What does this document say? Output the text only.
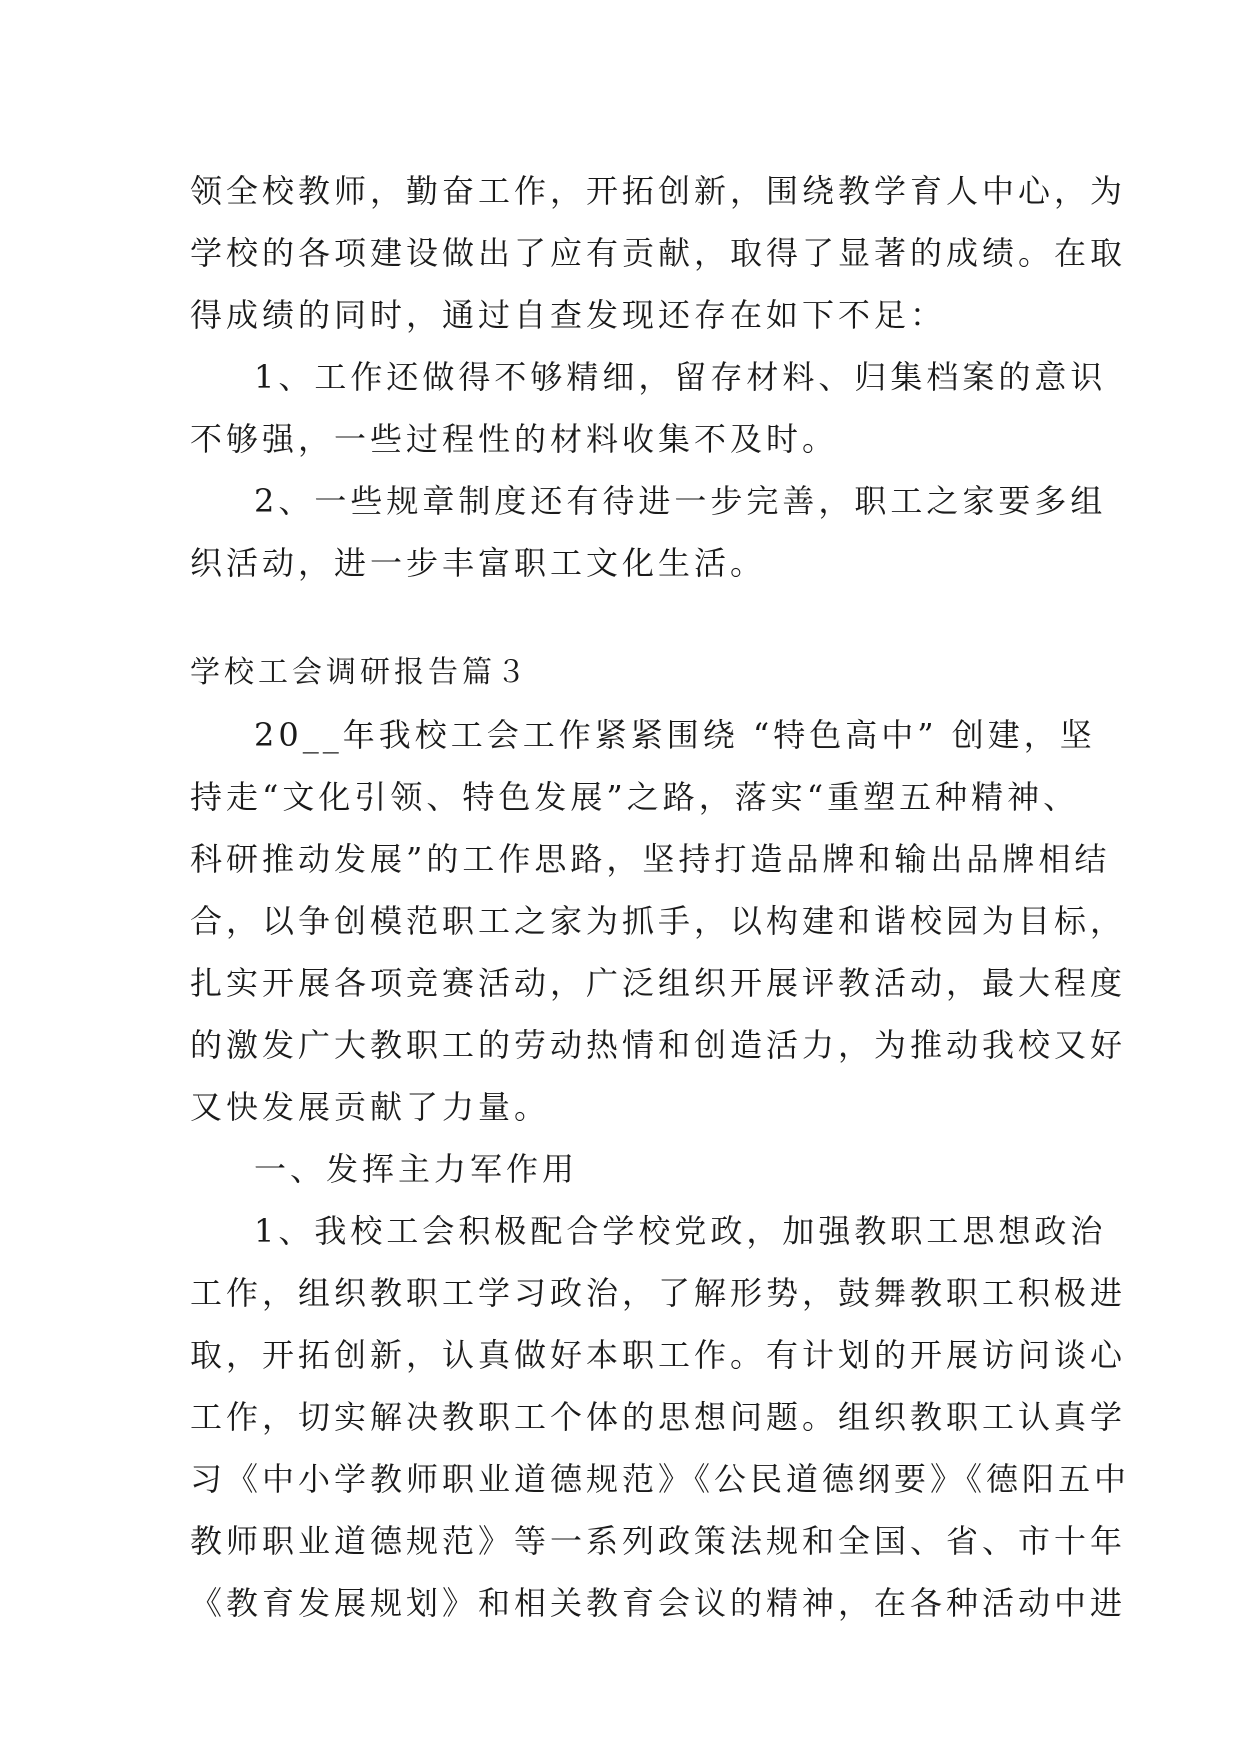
领全校教师，勤奋工作，开拓创新，围绕教学育人中心，为
学校的各项建设做出了应有贡献，取得了显著的成绩。在取
得成绩的同时，通过自查发现还存在如下不足：
1、工作还做得不够精细，留存材料、归集档案的意识
不够强，一些过程性的材料收集不及时。
2、一些规章制度还有待进一步完善，职工之家要多组
织活动，进一步丰富职工文化生活。
学校工会调研报告篇３
20__年我校工会工作紧紧围绕 “特色高中” 创建，坚
持走“文化引领、特色发展”之路，落实“重塑五种精神、
科研推动发展”的工作思路，坚持打造品牌和输出品牌相结
合，以争创模范职工之家为抓手，以构建和谐校园为目标，
扎实开展各项竞赛活动，广泛组织开展评教活动，最大程度
的激发广大教职工的劳动热情和创造活力，为推动我校又好
又快发展贡献了力量。
一、发挥主力军作用
1、我校工会积极配合学校党政，加强教职工思想政治
工作，组织教职工学习政治，了解形势，鼓舞教职工积极进
取，开拓创新，认真做好本职工作。有计划的开展访问谈心
工作，切实解决教职工个体的思想问题。组织教职工认真学
习《中小学教师职业道德规范》《公民道德纲要》《德阳五中
教师职业道德规范》等一系列政策法规和全国、省、市十年
《教育发展规划》和相关教育会议的精神，在各种活动中进
